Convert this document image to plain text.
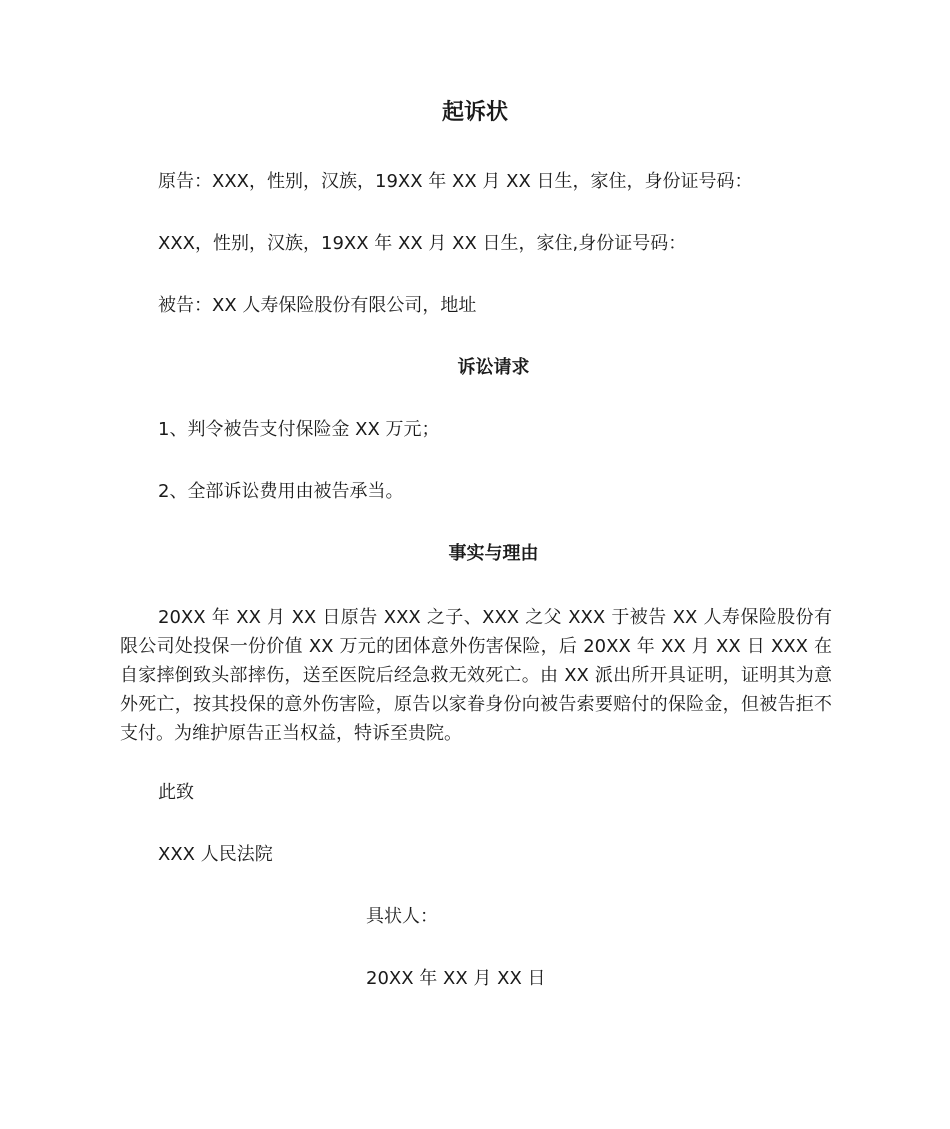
起诉状
原告：XXX，性别，汉族，19XX 年 XX 月 XX 日生，家住，身份证号码：
XXX，性别，汉族，19XX 年 XX 月 XX 日生，家住,身份证号码：
被告：XX 人寿保险股份有限公司，地址
诉讼请求
1、判令被告支付保险金 XX 万元；
2、全部诉讼费用由被告承当。
事实与理由
20XX 年 XX 月 XX 日原告 XXX 之子、XXX 之父 XXX 于被告 XX 人寿保险股份有限公司处投保一份价值 XX 万元的团体意外伤害保险，后 20XX 年 XX 月 XX 日 XXX 在自家摔倒致头部摔伤，送至医院后经急救无效死亡。由 XX 派出所开具证明，证明其为意外死亡，按其投保的意外伤害险，原告以家眷身份向被告索要赔付的保险金，但被告拒不支付。为维护原告正当权益，特诉至贵院。
此致
XXX 人民法院
具状人：
20XX 年 XX 月 XX 日
